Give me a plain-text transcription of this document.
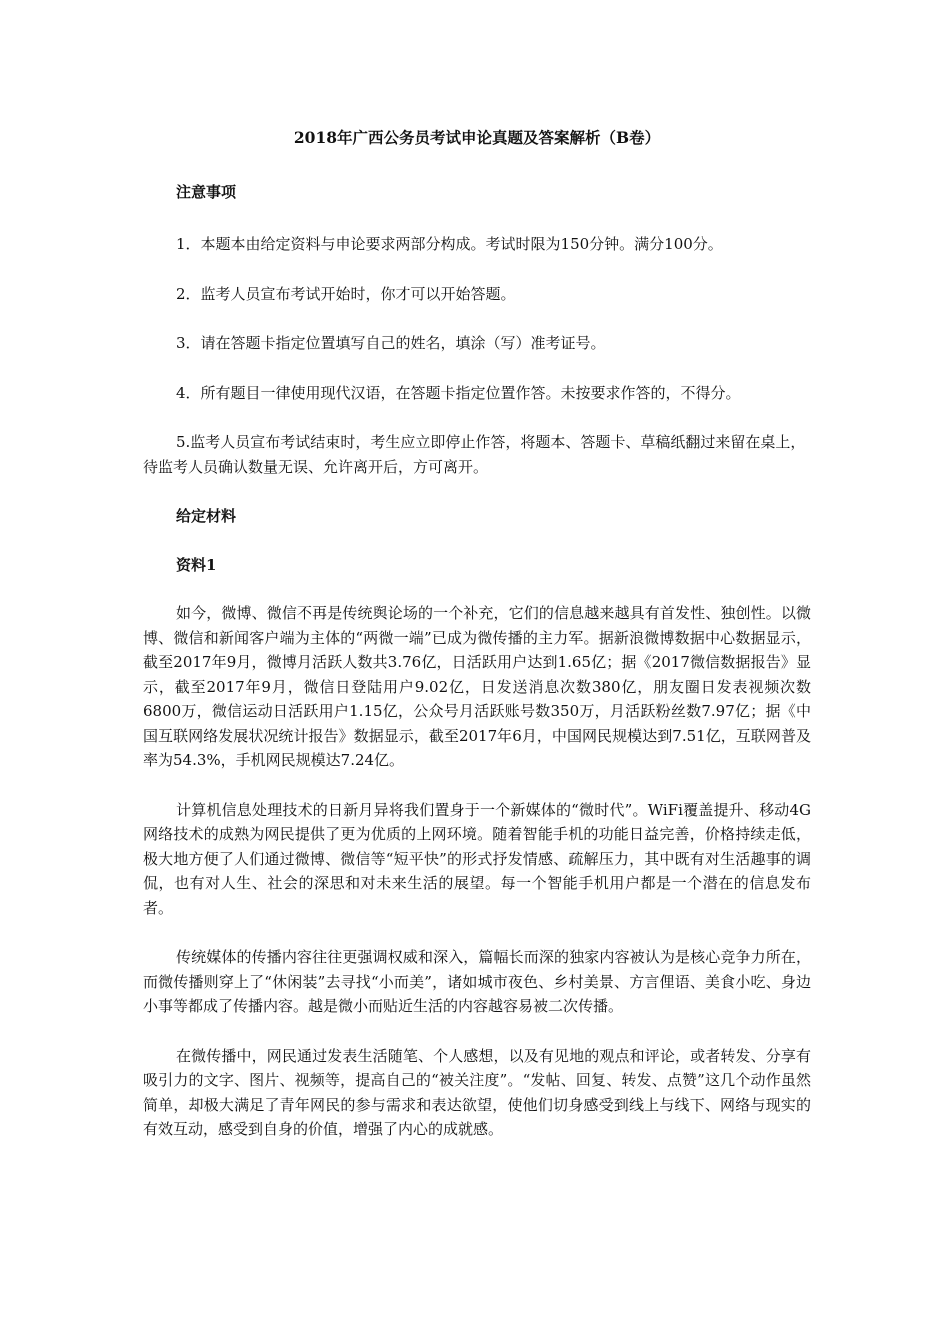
2018年广西公务员考试申论真题及答案解析（B卷）
注意事项

1．本题本由给定资料与申论要求两部分构成。考试时限为150分钟。满分100分。

2．监考人员宣布考试开始时，你才可以开始答题。

3．请在答题卡指定位置填写自己的姓名，填涂（写）准考证号。

4．所有题目一律使用现代汉语，在答题卡指定位置作答。未按要求作答的，不得分。

5.监考人员宣布考试结束时，考生应立即停止作答，将题本、答题卡、草稿纸翻过来留在桌上，待监考人员确认数量无误、允许离开后，方可离开。

给定材料
资料1

如今，微博、微信不再是传统舆论场的一个补充，它们的信息越来越具有首发性、独创性。以微博、微信和新闻客户端为主体的“两微一端”已成为微传播的主力军。据新浪微博数据中心数据显示，截至2017年9月，微博月活跃人数共3.76亿，日活跃用户达到1.65亿；据《2017微信数据报告》显示，截至2017年9月，微信日登陆用户9.02亿，日发送消息次数380亿，朋友圈日发表视频次数6800万，微信运动日活跃用户1.15亿，公众号月活跃账号数350万，月活跃粉丝数7.97亿；据《中国互联网络发展状况统计报告》数据显示，截至2017年6月，中国网民规模达到7.51亿，互联网普及率为54.3%，手机网民规模达7.24亿。

计算机信息处理技术的日新月异将我们置身于一个新媒体的“微时代”。WiFi覆盖提升、移动4G网络技术的成熟为网民提供了更为优质的上网环境。随着智能手机的功能日益完善，价格持续走低，极大地方便了人们通过微博、微信等“短平快”的形式抒发情感、疏解压力，其中既有对生活趣事的调侃，也有对人生、社会的深思和对未来生活的展望。每一个智能手机用户都是一个潜在的信息发布者。

传统媒体的传播内容往往更强调权威和深入，篇幅长而深的独家内容被认为是核心竞争力所在，而微传播则穿上了“休闲装”去寻找“小而美”，诸如城市夜色、乡村美景、方言俚语、美食小吃、身边小事等都成了传播内容。越是微小而贴近生活的内容越容易被二次传播。

在微传播中，网民通过发表生活随笔、个人感想，以及有见地的观点和评论，或者转发、分享有吸引力的文字、图片、视频等，提高自己的“被关注度”。“发帖、回复、转发、点赞”这几个动作虽然简单，却极大满足了青年网民的参与需求和表达欲望，使他们切身感受到线上与线下、网络与现实的有效互动，感受到自身的价值，增强了内心的成就感。
